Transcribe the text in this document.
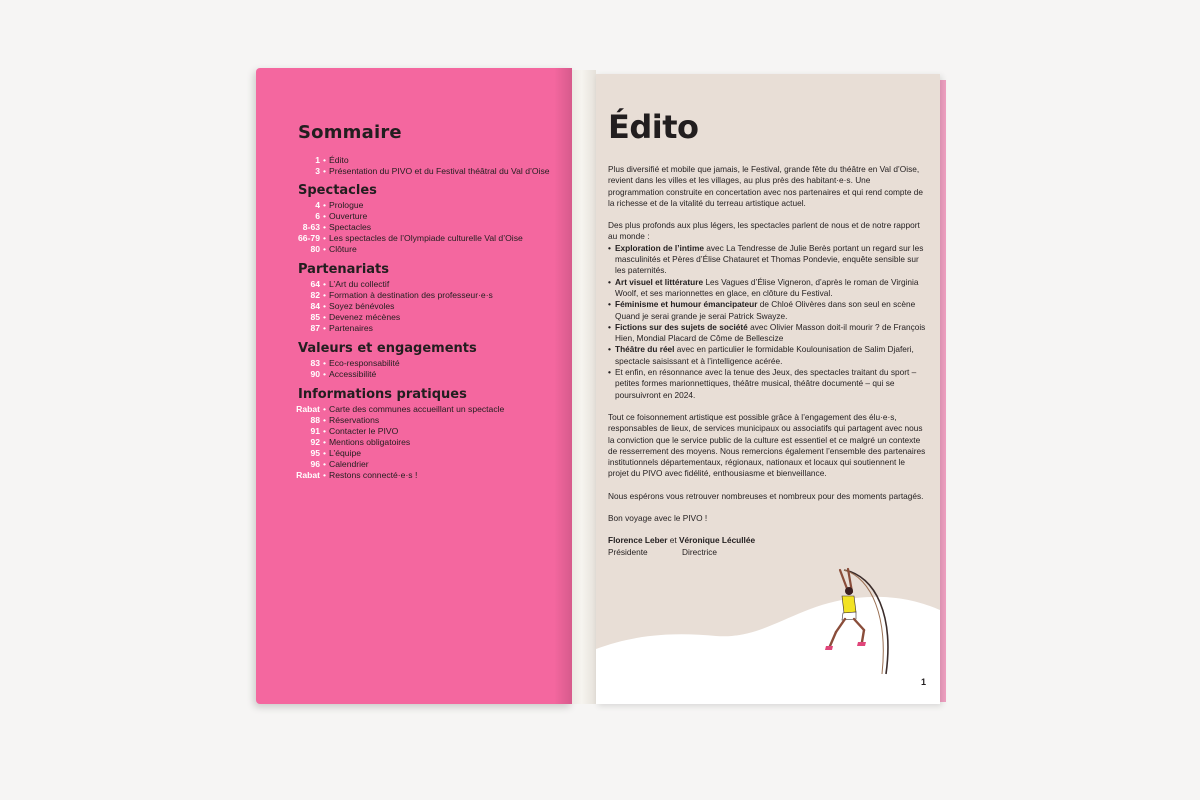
Sommaire
1 • Édito
3 • Présentation du PIVO et du Festival théâtral du Val d’Oise
Spectacles
4 • Prologue
6 • Ouverture
8-63 • Spectacles
66-79 • Les spectacles de l’Olympiade culturelle Val d’Oise
80 • Clôture
Partenariats
64 • L’Art du collectif
82 • Formation à destination des professeur·e·s
84 • Soyez bénévoles
85 • Devenez mécènes
87 • Partenaires
Valeurs et engagements
83 • Eco-responsabilité
90 • Accessibilité
Informations pratiques
Rabat • Carte des communes accueillant un spectacle
88 • Réservations
91 • Contacter le PIVO
92 • Mentions obligatoires
95 • L’équipe
96 • Calendrier
Rabat • Restons connecté·e·s !
Édito

Plus diversifié et mobile que jamais, le Festival, grande fête du théâtre en Val d’Oise, revient dans les villes et les villages, au plus près des habitant·e·s. Une programmation construite en concertation avec nos partenaires et qui rend compte de la richesse et de la vitalité du terreau artistique actuel.

Des plus profonds aux plus légers, les spectacles parlent de nous et de notre rapport au monde :

• Exploration de l’intime avec La Tendresse de Julie Berès portant un regard sur les masculinités et Pères d’Élise Chatauret et Thomas Pondevie, enquête sensible sur les paternités.
• Art visuel et littérature Les Vagues d’Élise Vigneron, d’après le roman de Virginia Woolf, et ses marionnettes en glace, en clôture du Festival.
• Féminisme et humour émancipateur de Chloé Olivères dans son seul en scène Quand je serai grande je serai Patrick Swayze.
• Fictions sur des sujets de société avec Olivier Masson doit-il mourir ? de François Hien, Mondial Placard de Côme de Bellescize
• Théâtre du réel avec en particulier le formidable Koulounisation de Salim Djaferi, spectacle saisissant et à l’intelligence acérée.
• Et enfin, en résonnance avec la tenue des Jeux, des spectacles traitant du sport – petites formes marionnettiques, théâtre musical, théâtre documenté – qui se poursuivront en 2024.

Tout ce foisonnement artistique est possible grâce à l’engagement des élu·e·s, responsables de lieux, de services municipaux ou associatifs qui partagent avec nous la conviction que le service public de la culture est essentiel et ce malgré un contexte de resserrement des moyens. Nous remercions également l’ensemble des partenaires institutionnels départementaux, régionaux, nationaux et locaux qui soutiennent le projet du PIVO avec fidélité, enthousiasme et bienveillance.

Nous espérons vous retrouver nombreuses et nombreux pour des moments partagés.

Bon voyage avec le PIVO !

Florence Leber et Véronique Lécullée
Présidente	Directrice
1
